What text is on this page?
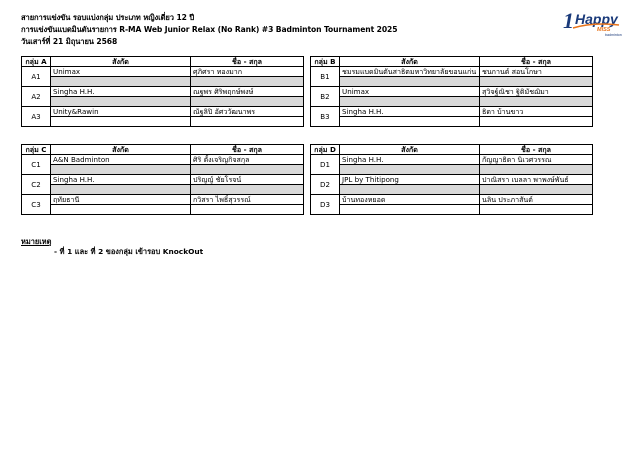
สายการแข่งขัน รอบแบ่งกลุ่ม ประเภท หญิงเดี่ยว 12 ปี
การแข่งขันแบดมินตันรายการ R-MA Web Junior Relax (No Rank) #3 Badminton Tournament 2025
วันเสาร์ที่ 21 มิถุนายน 2568
1 Happy
MISS
badminton
กลุ่ม A	สังกัด	ชื่อ - สกุล
A1	Unimax	ศุภิศรา ทองมาก

A2	Singha H.H.	ณฐพร ศิริพฤกษ์พงษ์

A3	Unity&Rawin	ณัฐลิปิ อัศววัฒนาพร

กลุ่ม B	สังกัด	ชื่อ - สกุล
B1	ชมรมแบดมินตันสาธิตมหาวิทยาลัยขอนแก่น	ชนกานต์ สอนโกษา

B2	Unimax	สุวิจฐ์ณิชา ฐิติมัชฌิมา

B3	Singha H.H.	ธิดา บ้านขาว

กลุ่ม C	สังกัด	ชื่อ - สกุล
C1	A&N Badminton	ศิริ ตั้งเจริญกิจสกุล

C2	Singha H.H.	ปริญญ์ ชัยโรจน์

C3	ฤทัยธานี	กวิสรา ไพธิ์สุวรรณ์

กลุ่ม D	สังกัด	ชื่อ - สกุล
D1	Singha H.H.	กัญญาธิดา นิเวศวรรณ

D2	JPL by Thitipong	ปาณิสรา เบลลา พาพงษ์พันธ์

D3	บ้านทองหยอด	นลิน ประภาสันต์

หมายเหตุ
- ที่ 1 และ ที่ 2 ของกลุ่ม เข้ารอบ KnockOut
